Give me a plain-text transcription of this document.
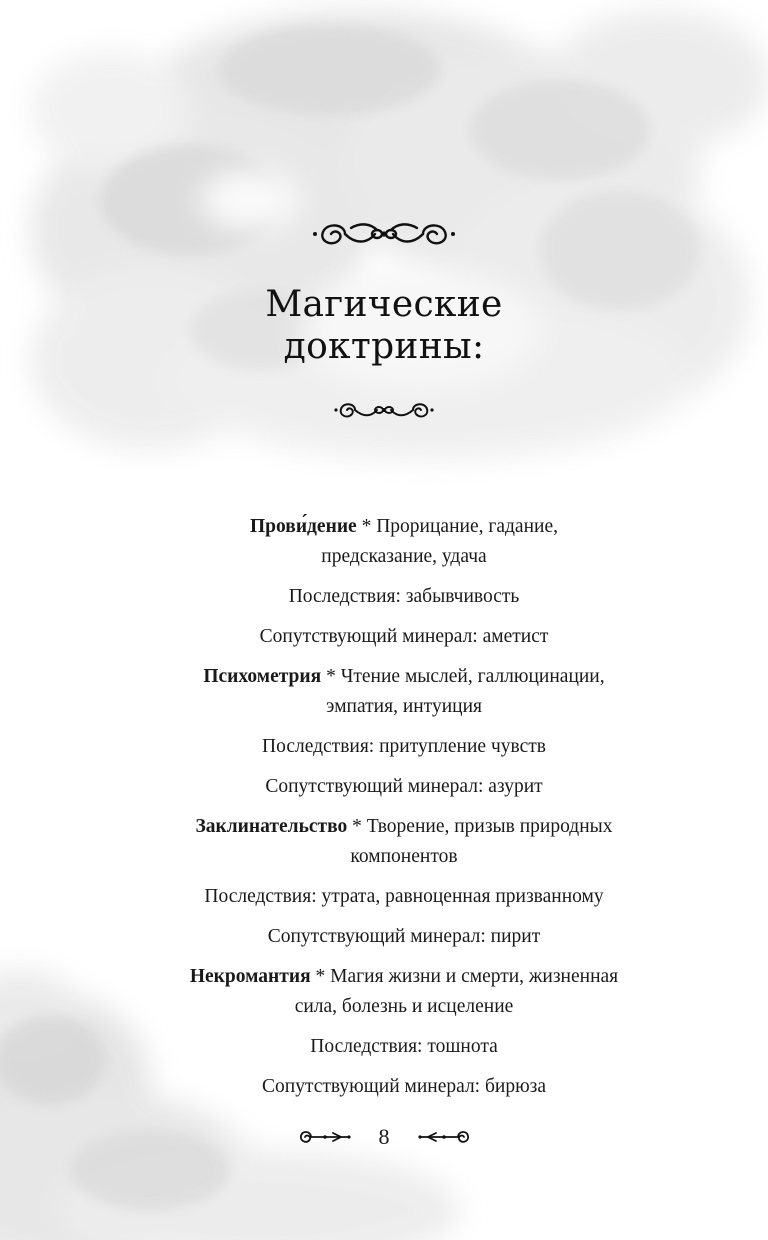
Магические
доктрины:
Прови́дение * Прорицание, гадание,
предсказание, удача
Последствия: забывчивость
Сопутствующий минерал: аметист
Психометрия * Чтение мыслей, галлюцинации,
эмпатия, интуиция
Последствия: притупление чувств
Сопутствующий минерал: азурит
Заклинательство * Творение, призыв природных
компонентов
Последствия: утрата, равноценная призванному
Сопутствующий минерал: пирит
Некромантия * Магия жизни и смерти, жизненная
сила, болезнь и исцеление
Последствия: тошнота
Сопутствующий минерал: бирюза
8
